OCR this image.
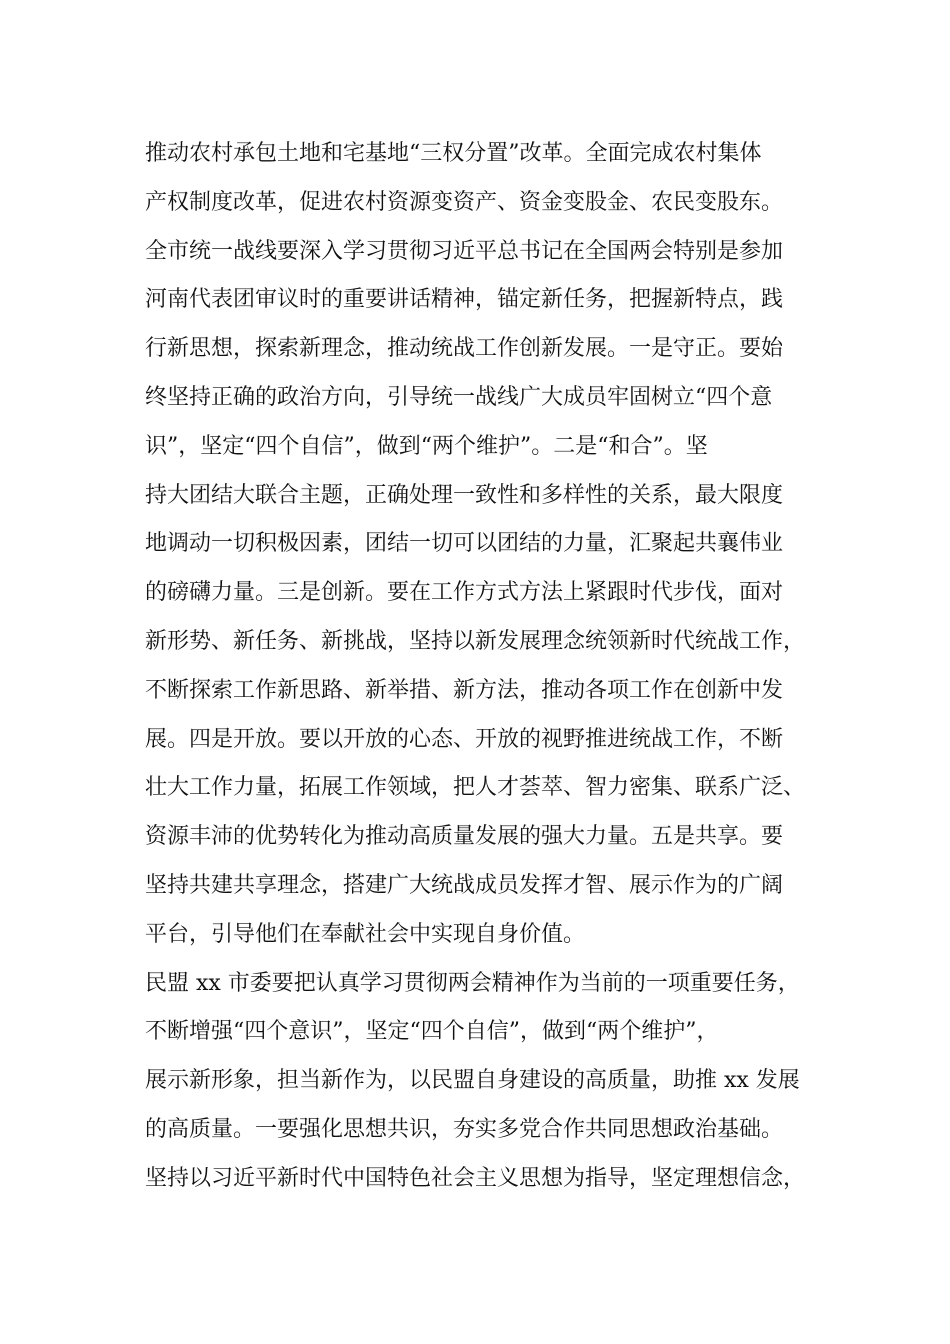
推动农村承包土地和宅基地“三权分置”改革。全面完成农村集体
产权制度改革，促进农村资源变资产、资金变股金、农民变股东。
全市统一战线要深入学习贯彻习近平总书记在全国两会特别是参加
河南代表团审议时的重要讲话精神，锚定新任务，把握新特点，践
行新思想，探索新理念，推动统战工作创新发展。一是守正。要始
终坚持正确的政治方向，引导统一战线广大成员牢固树立“四个意
识”，坚定“四个自信”，做到“两个维护”。二是“和合”。坚
持大团结大联合主题，正确处理一致性和多样性的关系，最大限度
地调动一切积极因素，团结一切可以团结的力量，汇聚起共襄伟业
的磅礴力量。三是创新。要在工作方式方法上紧跟时代步伐，面对
新形势、新任务、新挑战，坚持以新发展理念统领新时代统战工作，
不断探索工作新思路、新举措、新方法，推动各项工作在创新中发
展。四是开放。要以开放的心态、开放的视野推进统战工作，不断
壮大工作力量，拓展工作领域，把人才荟萃、智力密集、联系广泛、
资源丰沛的优势转化为推动高质量发展的强大力量。五是共享。要
坚持共建共享理念，搭建广大统战成员发挥才智、展示作为的广阔
平台，引导他们在奉献社会中实现自身价值。
民盟 xx 市委要把认真学习贯彻两会精神作为当前的一项重要任务，
不断增强“四个意识”，坚定“四个自信”，做到“两个维护”，
展示新形象，担当新作为，以民盟自身建设的高质量，助推 xx 发展
的高质量。一要强化思想共识，夯实多党合作共同思想政治基础。
坚持以习近平新时代中国特色社会主义思想为指导，坚定理想信念，
